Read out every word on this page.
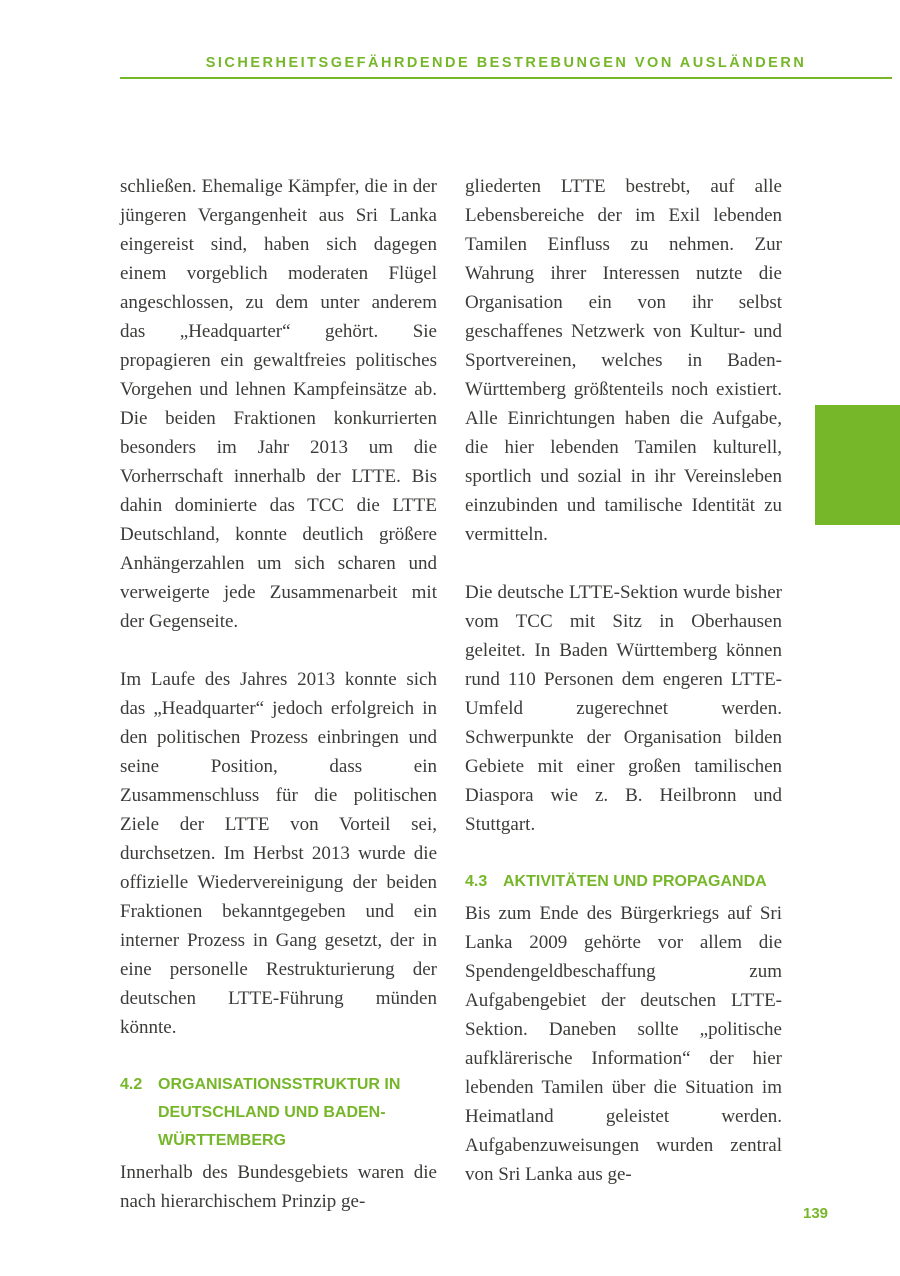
SICHERHEITSGEFÄHRDENDE BESTREBUNGEN VON AUSLÄNDERN

schließen. Ehemalige Kämpfer, die in der jüngeren Vergangenheit aus Sri Lanka eingereist sind, haben sich dagegen einem vorgeblich moderaten Flügel angeschlossen, zu dem unter anderem das „Headquarter“ gehört. Sie propagieren ein gewaltfreies politisches Vorgehen und lehnen Kampfeinsätze ab. Die beiden Fraktionen konkurrierten besonders im Jahr 2013 um die Vorherrschaft innerhalb der LTTE. Bis dahin dominierte das TCC die LTTE Deutschland, konnte deutlich größere Anhängerzahlen um sich scharen und verweigerte jede Zusammenarbeit mit der Gegenseite.

Im Laufe des Jahres 2013 konnte sich das „Headquarter“ jedoch erfolgreich in den politischen Prozess einbringen und seine Position, dass ein Zusammenschluss für die politischen Ziele der LTTE von Vorteil sei, durchsetzen. Im Herbst 2013 wurde die offizielle Wiedervereinigung der beiden Fraktionen bekanntgegeben und ein interner Prozess in Gang gesetzt, der in eine personelle Restrukturierung der deutschen LTTE-Führung münden könnte.

4.2 ORGANISATIONSSTRUKTUR IN DEUTSCHLAND UND BADEN-WÜRTTEMBERG

Innerhalb des Bundesgebiets waren die nach hierarchischem Prinzip ge-

gliederten LTTE bestrebt, auf alle Lebensbereiche der im Exil lebenden Tamilen Einfluss zu nehmen. Zur Wahrung ihrer Interessen nutzte die Organisation ein von ihr selbst geschaffenes Netzwerk von Kultur- und Sportvereinen, welches in Baden-Württemberg größtenteils noch existiert. Alle Einrichtungen haben die Aufgabe, die hier lebenden Tamilen kulturell, sportlich und sozial in ihr Vereinsleben einzubinden und tamilische Identität zu vermitteln.

Die deutsche LTTE-Sektion wurde bisher vom TCC mit Sitz in Oberhausen geleitet. In Baden Württemberg können rund 110 Personen dem engeren LTTE-Umfeld zugerechnet werden. Schwerpunkte der Organisation bilden Gebiete mit einer großen tamilischen Diaspora wie z. B. Heilbronn und Stuttgart.

4.3 AKTIVITÄTEN UND PROPAGANDA

Bis zum Ende des Bürgerkriegs auf Sri Lanka 2009 gehörte vor allem die Spendengeldbeschaffung zum Aufgabengebiet der deutschen LTTE-Sektion. Daneben sollte „politische aufklärerische Information“ der hier lebenden Tamilen über die Situation im Heimatland geleistet werden. Aufgabenzuweisungen wurden zentral von Sri Lanka aus ge-

139
